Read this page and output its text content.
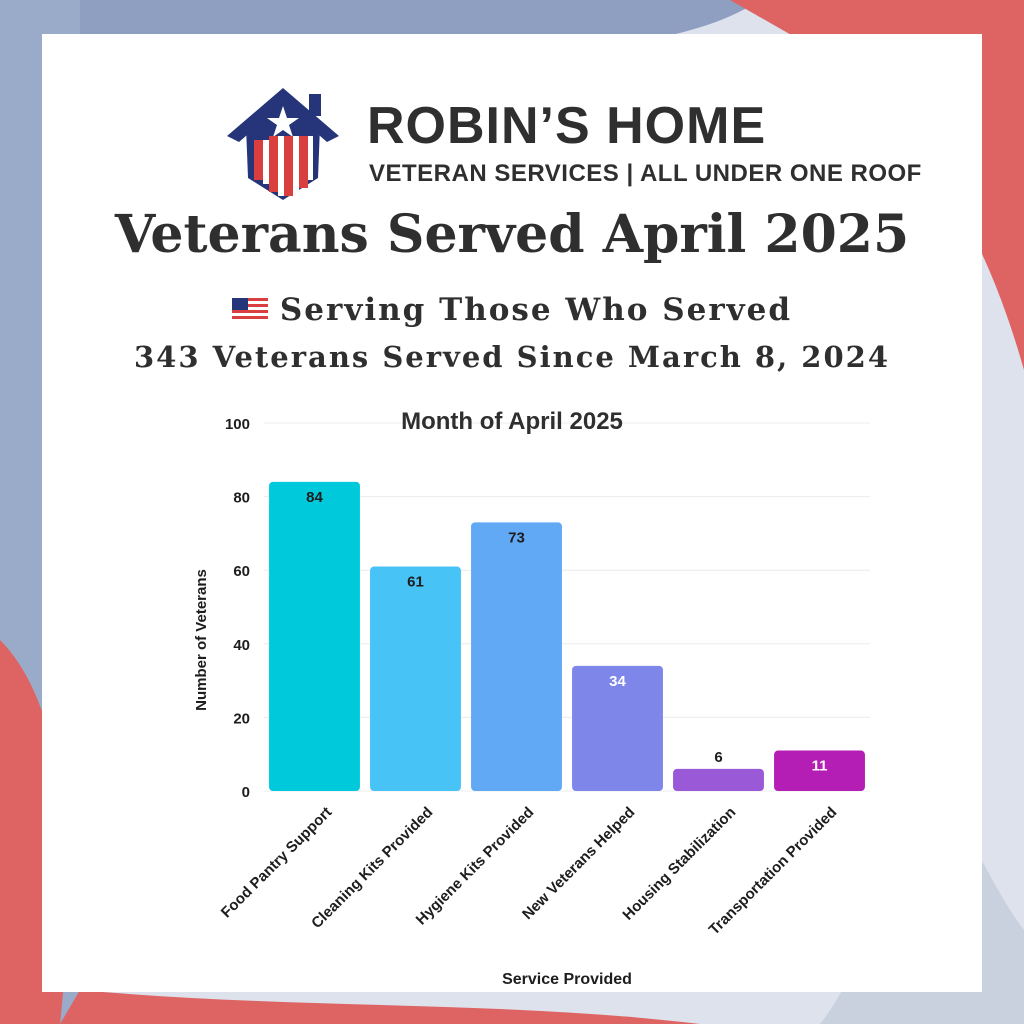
ROBIN’S HOME
VETERAN SERVICES | ALL UNDER ONE ROOF
Veterans Served April 2025
Serving Those Who Served
343 Veterans Served Since March 8, 2024
Month of April 2025
0
20
40
60
80
100
Number of Veterans
84
61
73
34
6
11
Food Pantry Support
Cleaning Kits Provided
Hygiene Kits Provided
New Veterans Helped
Housing Stabilization
Transportation Provided
Service Provided
